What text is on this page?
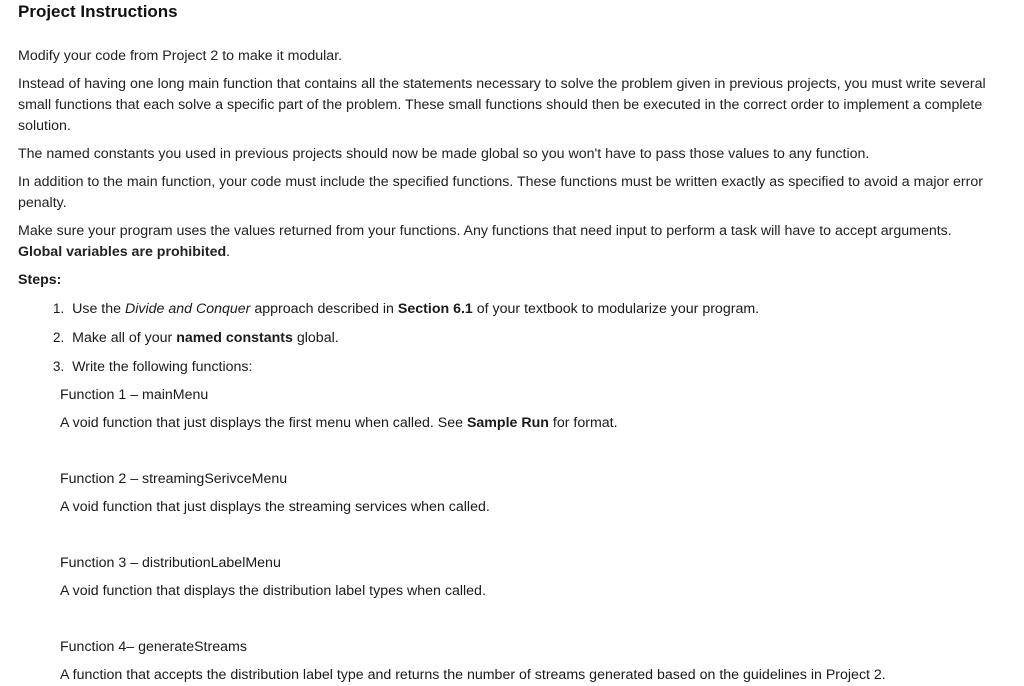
Project Instructions

Modify your code from Project 2 to make it modular.

Instead of having one long main function that contains all the statements necessary to solve the problem given in previous projects, you must write several small functions that each solve a specific part of the problem. These small functions should then be executed in the correct order to implement a complete solution.

The named constants you used in previous projects should now be made global so you won't have to pass those values to any function.

In addition to the main function, your code must include the specified functions. These functions must be written exactly as specified to avoid a major error penalty.

Make sure your program uses the values returned from your functions. Any functions that need input to perform a task will have to accept arguments.
Global variables are prohibited.

Steps:
1. Use the Divide and Conquer approach described in Section 6.1 of your textbook to modularize your program.
2. Make all of your named constants global.
3. Write the following functions:

Function 1 – mainMenu

A void function that just displays the first menu when called. See Sample Run for format.

Function 2 – streamingSerivceMenu

A void function that just displays the streaming services when called.

Function 3 – distributionLabelMenu

A void function that displays the distribution label types when called.

Function 4– generateStreams

A function that accepts the distribution label type and returns the number of streams generated based on the guidelines in Project 2.
